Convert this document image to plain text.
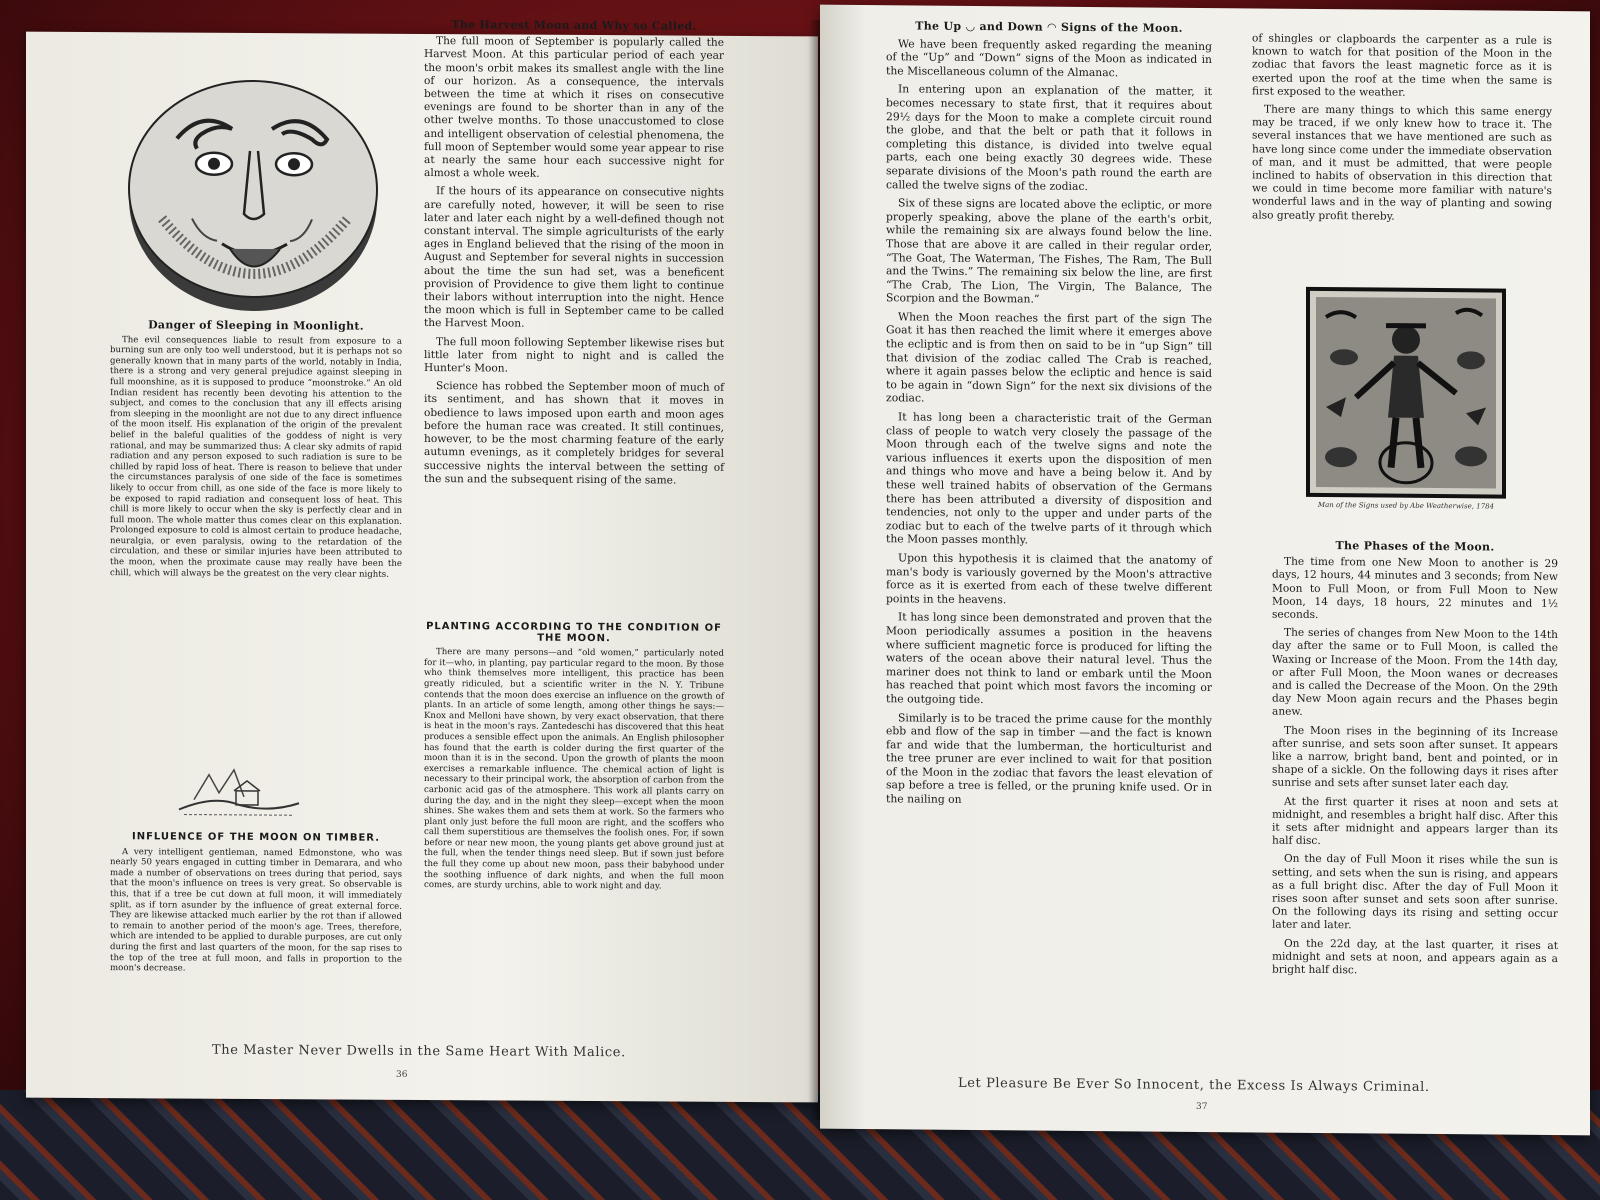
Danger of Sleeping in Moonlight.

The evil consequences liable to result from exposure to a burning sun are only too well understood, but it is perhaps not so generally known that in many parts of the world, notably in India, there is a strong and very general prejudice against sleeping in full moonshine, as it is supposed to produce “moonstroke.” An old Indian resident has recently been devoting his attention to the subject, and comes to the conclusion that any ill effects arising from sleeping in the moonlight are not due to any direct influence of the moon itself. His explanation of the origin of the prevalent belief in the baleful qualities of the goddess of night is very rational, and may be summarized thus: A clear sky admits of rapid radiation and any person exposed to such radiation is sure to be chilled by rapid loss of heat. There is reason to believe that under the circumstances paralysis of one side of the face is sometimes likely to occur from chill, as one side of the face is more likely to be exposed to rapid radiation and consequent loss of heat. This chill is more likely to occur when the sky is perfectly clear and in full moon. The whole matter thus comes clear on this explanation. Prolonged exposure to cold is almost certain to produce headache, neuralgia, or even paralysis, owing to the retardation of the circulation, and these or similar injuries have been attributed to the moon, when the proximate cause may really have been the chill, which will always be the greatest on the very clear nights.

INFLUENCE OF THE MOON ON TIMBER.

A very intelligent gentleman, named Edmonstone, who was nearly 50 years engaged in cutting timber in Demarara, and who made a number of observations on trees during that period, says that the moon's influence on trees is very great. So observable is this, that if a tree be cut down at full moon, it will immediately split, as if torn asunder by the influence of great external force. They are likewise attacked much earlier by the rot than if allowed to remain to another period of the moon's age. Trees, therefore, which are intended to be applied to durable purposes, are cut only during the first and last quarters of the moon, for the sap rises to the top of the tree at full moon, and falls in proportion to the moon's decrease.

The Harvest Moon and Why so Called.

The full moon of September is popularly called the Harvest Moon. At this particular period of each year the moon's orbit makes its smallest angle with the line of our horizon. As a consequence, the intervals between the time at which it rises on consecutive evenings are found to be shorter than in any of the other twelve months. To those unaccustomed to close and intelligent observation of celestial phenomena, the full moon of September would some year appear to rise at nearly the same hour each successive night for almost a whole week.

If the hours of its appearance on consecutive nights are carefully noted, however, it will be seen to rise later and later each night by a well-defined though not constant interval. The simple agriculturists of the early ages in England believed that the rising of the moon in August and September for several nights in succession about the time the sun had set, was a beneficent provision of Providence to give them light to continue their labors without interruption into the night. Hence the moon which is full in September came to be called the Harvest Moon.

The full moon following September likewise rises but little later from night to night and is called the Hunter's Moon.

Science has robbed the September moon of much of its sentiment, and has shown that it moves in obedience to laws imposed upon earth and moon ages before the human race was created. It still continues, however, to be the most charming feature of the early autumn evenings, as it completely bridges for several successive nights the interval between the setting of the sun and the subsequent rising of the same.

PLANTING ACCORDING TO THE CONDITION OF THE MOON.

There are many persons—and “old women,” particularly noted for it—who, in planting, pay particular regard to the moon. By those who think themselves more intelligent, this practice has been greatly ridiculed, but a scientific writer in the N. Y. Tribune contends that the moon does exercise an influence on the growth of plants. In an article of some length, among other things he says:—Knox and Melloni have shown, by very exact observation, that there is heat in the moon's rays. Zantedeschi has discovered that this heat produces a sensible effect upon the animals. An English philosopher has found that the earth is colder during the first quarter of the moon than it is in the second. Upon the growth of plants the moon exercises a remarkable influence. The chemical action of light is necessary to their principal work, the absorption of carbon from the carbonic acid gas of the atmosphere. This work all plants carry on during the day, and in the night they sleep—except when the moon shines. She wakes them and sets them at work. So the farmers who plant only just before the full moon are right, and the scoffers who call them superstitious are themselves the foolish ones. For, if sown before or near new moon, the young plants get above ground just at the full, when the tender things need sleep. But if sown just before the full they come up about new moon, pass their babyhood under the soothing influence of dark nights, and when the full moon comes, are sturdy urchins, able to work night and day.

The Master Never Dwells in the Same Heart With Malice.
36
The Up ◡ and Down ◠ Signs of the Moon.

We have been frequently asked regarding the meaning of the “Up” and “Down” signs of the Moon as indicated in the Miscellaneous column of the Almanac.

In entering upon an explanation of the matter, it becomes necessary to state first, that it requires about 29½ days for the Moon to make a complete circuit round the globe, and that the belt or path that it follows in completing this distance, is divided into twelve equal parts, each one being exactly 30 degrees wide. These separate divisions of the Moon's path round the earth are called the twelve signs of the zodiac.

Six of these signs are located above the ecliptic, or more properly speaking, above the plane of the earth's orbit, while the remaining six are always found below the line. Those that are above it are called in their regular order, “The Goat, The Waterman, The Fishes, The Ram, The Bull and the Twins.” The remaining six below the line, are first “The Crab, The Lion, The Virgin, The Balance, The Scorpion and the Bowman.”

When the Moon reaches the first part of the sign The Goat it has then reached the limit where it emerges above the ecliptic and is from then on said to be in “up Sign” till that division of the zodiac called The Crab is reached, where it again passes below the ecliptic and hence is said to be again in “down Sign” for the next six divisions of the zodiac.

It has long been a characteristic trait of the German class of people to watch very closely the passage of the Moon through each of the twelve signs and note the various influences it exerts upon the disposition of men and things who move and have a being below it. And by these well trained habits of observation of the Germans there has been attributed a diversity of disposition and tendencies, not only to the upper and under parts of the zodiac but to each of the twelve parts of it through which the Moon passes monthly.

Upon this hypothesis it is claimed that the anatomy of man's body is variously governed by the Moon's attractive force as it is exerted from each of these twelve different points in the heavens.

It has long since been demonstrated and proven that the Moon periodically assumes a position in the heavens where sufficient magnetic force is produced for lifting the waters of the ocean above their natural level. Thus the mariner does not think to land or embark until the Moon has reached that point which most favors the incoming or the outgoing tide.

Similarly is to be traced the prime cause for the monthly ebb and flow of the sap in timber —and the fact is known far and wide that the lumberman, the horticulturist and the tree pruner are ever inclined to wait for that position of the Moon in the zodiac that favors the least elevation of sap before a tree is felled, or the pruning knife used. Or in the nailing on

of shingles or clapboards the carpenter as a rule is known to watch for that position of the Moon in the zodiac that favors the least magnetic force as it is exerted upon the roof at the time when the same is first exposed to the weather.

There are many things to which this same energy may be traced, if we only knew how to trace it. The several instances that we have mentioned are such as have long since come under the immediate observation of man, and it must be admitted, that were people inclined to habits of observation in this direction that we could in time become more familiar with nature's wonderful laws and in the way of planting and sowing also greatly profit thereby.

Man of the Signs used by Abe Weatherwise, 1784
The Phases of the Moon.

The time from one New Moon to another is 29 days, 12 hours, 44 minutes and 3 seconds; from New Moon to Full Moon, or from Full Moon to New Moon, 14 days, 18 hours, 22 minutes and 1½ seconds.

The series of changes from New Moon to the 14th day after the same or to Full Moon, is called the Waxing or Increase of the Moon. From the 14th day, or after Full Moon, the Moon wanes or decreases and is called the Decrease of the Moon. On the 29th day New Moon again recurs and the Phases begin anew.

The Moon rises in the beginning of its Increase after sunrise, and sets soon after sunset. It appears like a narrow, bright band, bent and pointed, or in shape of a sickle. On the following days it rises after sunrise and sets after sunset later each day.

At the first quarter it rises at noon and sets at midnight, and resembles a bright half disc. After this it sets after midnight and appears larger than its half disc.

On the day of Full Moon it rises while the sun is setting, and sets when the sun is rising, and appears as a full bright disc. After the day of Full Moon it rises soon after sunset and sets soon after sunrise. On the following days its rising and setting occur later and later.

On the 22d day, at the last quarter, it rises at midnight and sets at noon, and appears again as a bright half disc.

Let Pleasure Be Ever So Innocent, the Excess Is Always Criminal.
37
